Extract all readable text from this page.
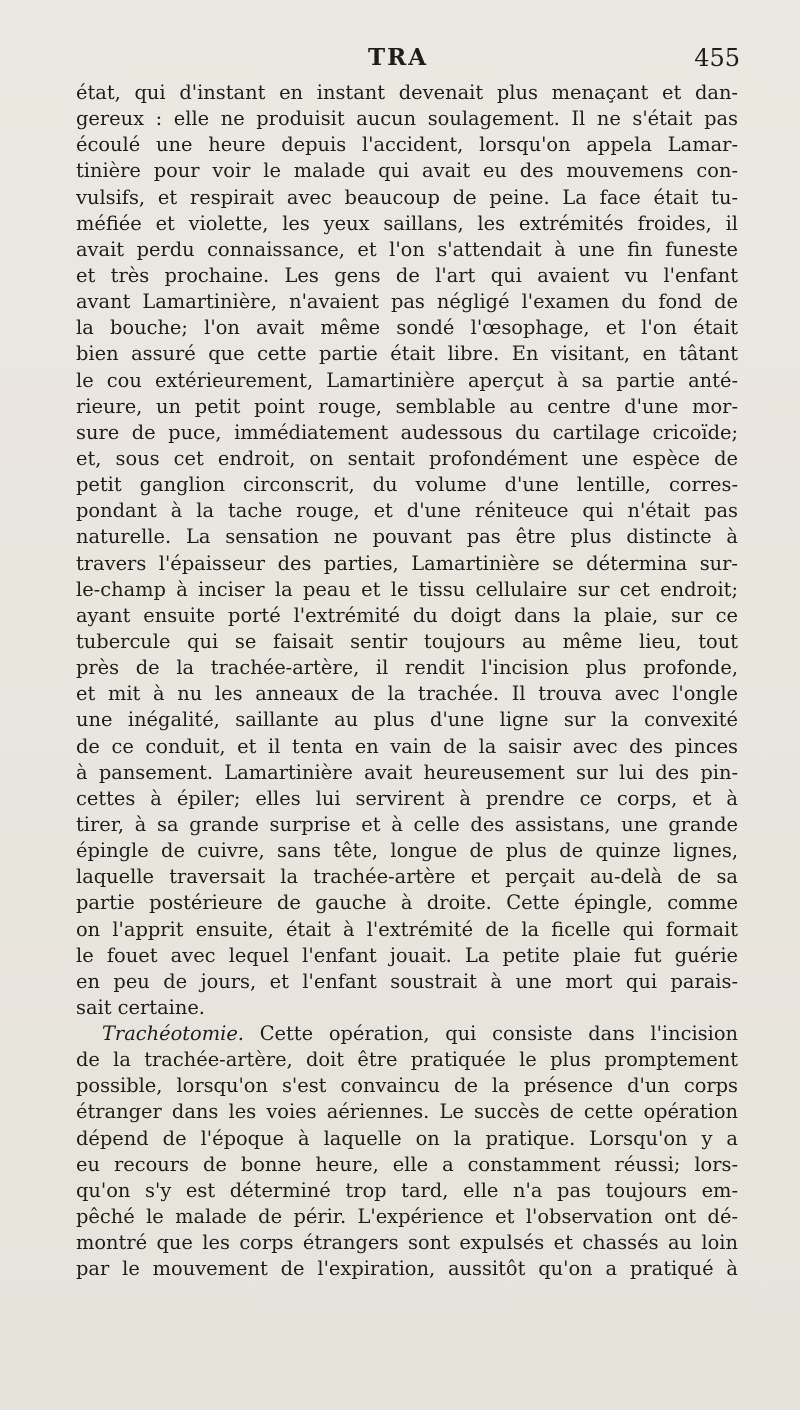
TRA	455
état, qui d'instant en instant devenait plus menaçant et dan-
gereux : elle ne produisit aucun soulagement. Il ne s'était pas
écoulé une heure depuis l'accident, lorsqu'on appela Lamar-
tinière pour voir le malade qui avait eu des mouvemens con-
vulsifs, et respirait avec beaucoup de peine. La face était tu-
méfiée et violette, les yeux saillans, les extrémités froides, il
avait perdu connaissance, et l'on s'attendait à une fin funeste
et très prochaine. Les gens de l'art qui avaient vu l'enfant
avant Lamartinière, n'avaient pas négligé l'examen du fond de
la bouche; l'on avait même sondé l'œsophage, et l'on était
bien assuré que cette partie était libre. En visitant, en tâtant
le cou extérieurement, Lamartinière aperçut à sa partie anté-
rieure, un petit point rouge, semblable au centre d'une mor-
sure de puce, immédiatement audessous du cartilage cricoïde;
et, sous cet endroit, on sentait profondément une espèce de
petit ganglion circonscrit, du volume d'une lentille, corres-
pondant à la tache rouge, et d'une réniteuce qui n'était pas
naturelle. La sensation ne pouvant pas être plus distincte à
travers l'épaisseur des parties, Lamartinière se détermina sur-
le-champ à inciser la peau et le tissu cellulaire sur cet endroit;
ayant ensuite porté l'extrémité du doigt dans la plaie, sur ce
tubercule qui se faisait sentir toujours au même lieu, tout
près de la trachée-artère, il rendit l'incision plus profonde,
et mit à nu les anneaux de la trachée. Il trouva avec l'ongle
une inégalité, saillante au plus d'une ligne sur la convexité
de ce conduit, et il tenta en vain de la saisir avec des pinces
à pansement. Lamartinière avait heureusement sur lui des pin-
cettes à épiler; elles lui servirent à prendre ce corps, et à
tirer, à sa grande surprise et à celle des assistans, une grande
épingle de cuivre, sans tête, longue de plus de quinze lignes,
laquelle traversait la trachée-artère et perçait au-delà de sa
partie postérieure de gauche à droite. Cette épingle, comme
on l'apprit ensuite, était à l'extrémité de la ficelle qui formait
le fouet avec lequel l'enfant jouait. La petite plaie fut guérie
en peu de jours, et l'enfant soustrait à une mort qui parais-
sait certaine.
Trachéotomie. Cette opération, qui consiste dans l'incision
de la trachée-artère, doit être pratiquée le plus promptement
possible, lorsqu'on s'est convaincu de la présence d'un corps
étranger dans les voies aériennes. Le succès de cette opération
dépend de l'époque à laquelle on la pratique. Lorsqu'on y a
eu recours de bonne heure, elle a constamment réussi; lors-
qu'on s'y est déterminé trop tard, elle n'a pas toujours em-
pêché le malade de périr. L'expérience et l'observation ont dé-
montré que les corps étrangers sont expulsés et chassés au loin
par le mouvement de l'expiration, aussitôt qu'on a pratiqué à
